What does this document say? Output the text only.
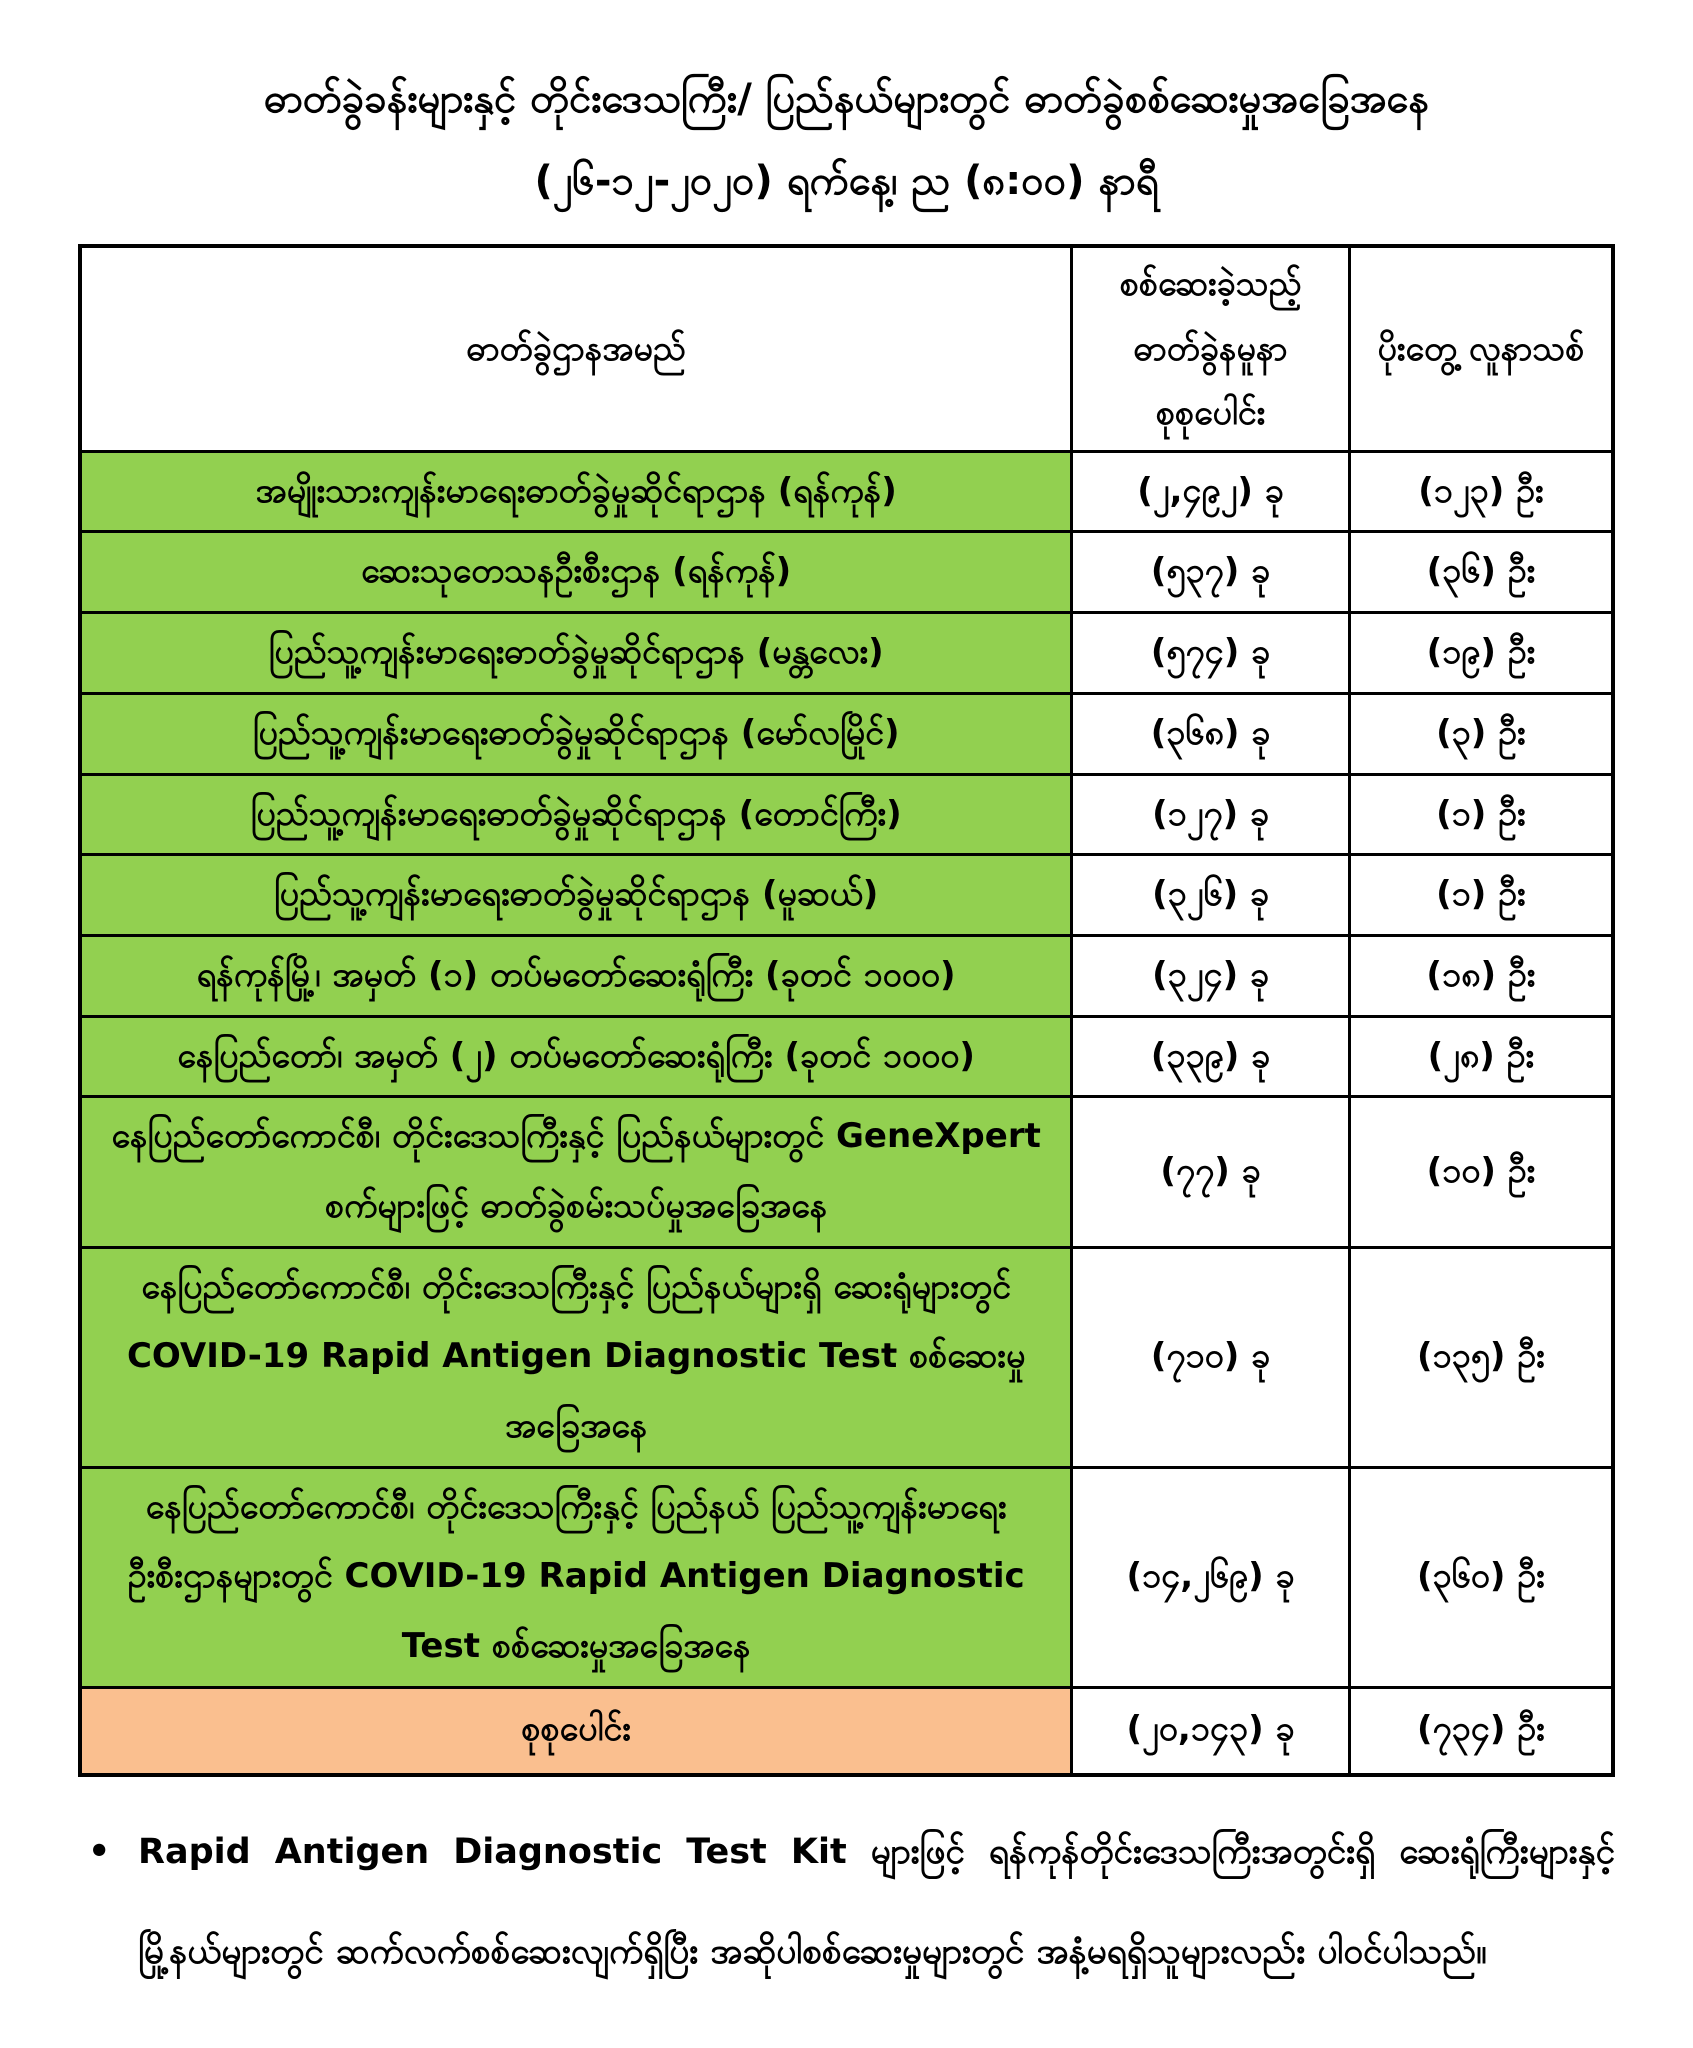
ဓာတ်ခွဲခန်းများနှင့် တိုင်းဒေသကြီး/ ပြည်နယ်များတွင် ဓာတ်ခွဲစစ်ဆေးမှုအခြေအနေ
(၂၆-၁၂-၂၀၂၀) ရက်နေ့၊ ည (၈:၀၀) နာရီ
ဓာတ်ခွဲဌာနအမည်	စစ်ဆေးခဲ့သည့် ဓာတ်ခွဲနမူနာ စုစုပေါင်း	ပိုးတွေ့ လူနာသစ်
အမျိုးသားကျန်းမာရေးဓာတ်ခွဲမှုဆိုင်ရာဌာန (ရန်ကုန်)	(၂,၄၉၂) ခု	(၁၂၃) ဦး
ဆေးသုတေသနဦးစီးဌာန (ရန်ကုန်)	(၅၃၇) ခု	(၃၆) ဦး
ပြည်သူ့ကျန်းမာရေးဓာတ်ခွဲမှုဆိုင်ရာဌာန (မန္တလေး)	(၅၇၄) ခု	(၁၉) ဦး
ပြည်သူ့ကျန်းမာရေးဓာတ်ခွဲမှုဆိုင်ရာဌာန (မော်လမြိုင်)	(၃၆၈) ခု	(၃) ဦး
ပြည်သူ့ကျန်းမာရေးဓာတ်ခွဲမှုဆိုင်ရာဌာန (တောင်ကြီး)	(၁၂၇) ခု	(၁) ဦး
ပြည်သူ့ကျန်းမာရေးဓာတ်ခွဲမှုဆိုင်ရာဌာန (မူဆယ်)	(၃၂၆) ခု	(၁) ဦး
ရန်ကုန်မြို့၊ အမှတ် (၁) တပ်မတော်ဆေးရုံကြီး (ခုတင် ၁၀၀၀)	(၃၂၄) ခု	(၁၈) ဦး
နေပြည်တော်၊ အမှတ် (၂) တပ်မတော်ဆေးရုံကြီး (ခုတင် ၁၀၀၀)	(၃၃၉) ခု	(၂၈) ဦး
နေပြည်တော်ကောင်စီ၊ တိုင်းဒေသကြီးနှင့် ပြည်နယ်များတွင် GeneXpert စက်များဖြင့် ဓာတ်ခွဲစမ်းသပ်မှုအခြေအနေ	(၇၇) ခု	(၁၀) ဦး
နေပြည်တော်ကောင်စီ၊ တိုင်းဒေသကြီးနှင့် ပြည်နယ်များရှိ ဆေးရုံများတွင် COVID-19 Rapid Antigen Diagnostic Test စစ်ဆေးမှုအခြေအနေ	(၇၁၀) ခု	(၁၃၅) ဦး
နေပြည်တော်ကောင်စီ၊ တိုင်းဒေသကြီးနှင့် ပြည်နယ် ပြည်သူ့ကျန်းမာရေးဦးစီးဌာနများတွင် COVID-19 Rapid Antigen Diagnostic Test စစ်ဆေးမှုအခြေအနေ	(၁၄,၂၆၉) ခု	(၃၆၀) ဦး
စုစုပေါင်း	(၂၀,၁၄၃) ခု	(၇၃၄) ဦး
• Rapid Antigen Diagnostic Test Kit များဖြင့် ရန်ကုန်တိုင်းဒေသကြီးအတွင်းရှိ ဆေးရုံကြီးများနှင့် မြို့နယ်များတွင် ဆက်လက်စစ်ဆေးလျက်ရှိပြီး အဆိုပါစစ်ဆေးမှုများတွင် အနံ့မရရှိသူများလည်း ပါဝင်ပါသည်။
